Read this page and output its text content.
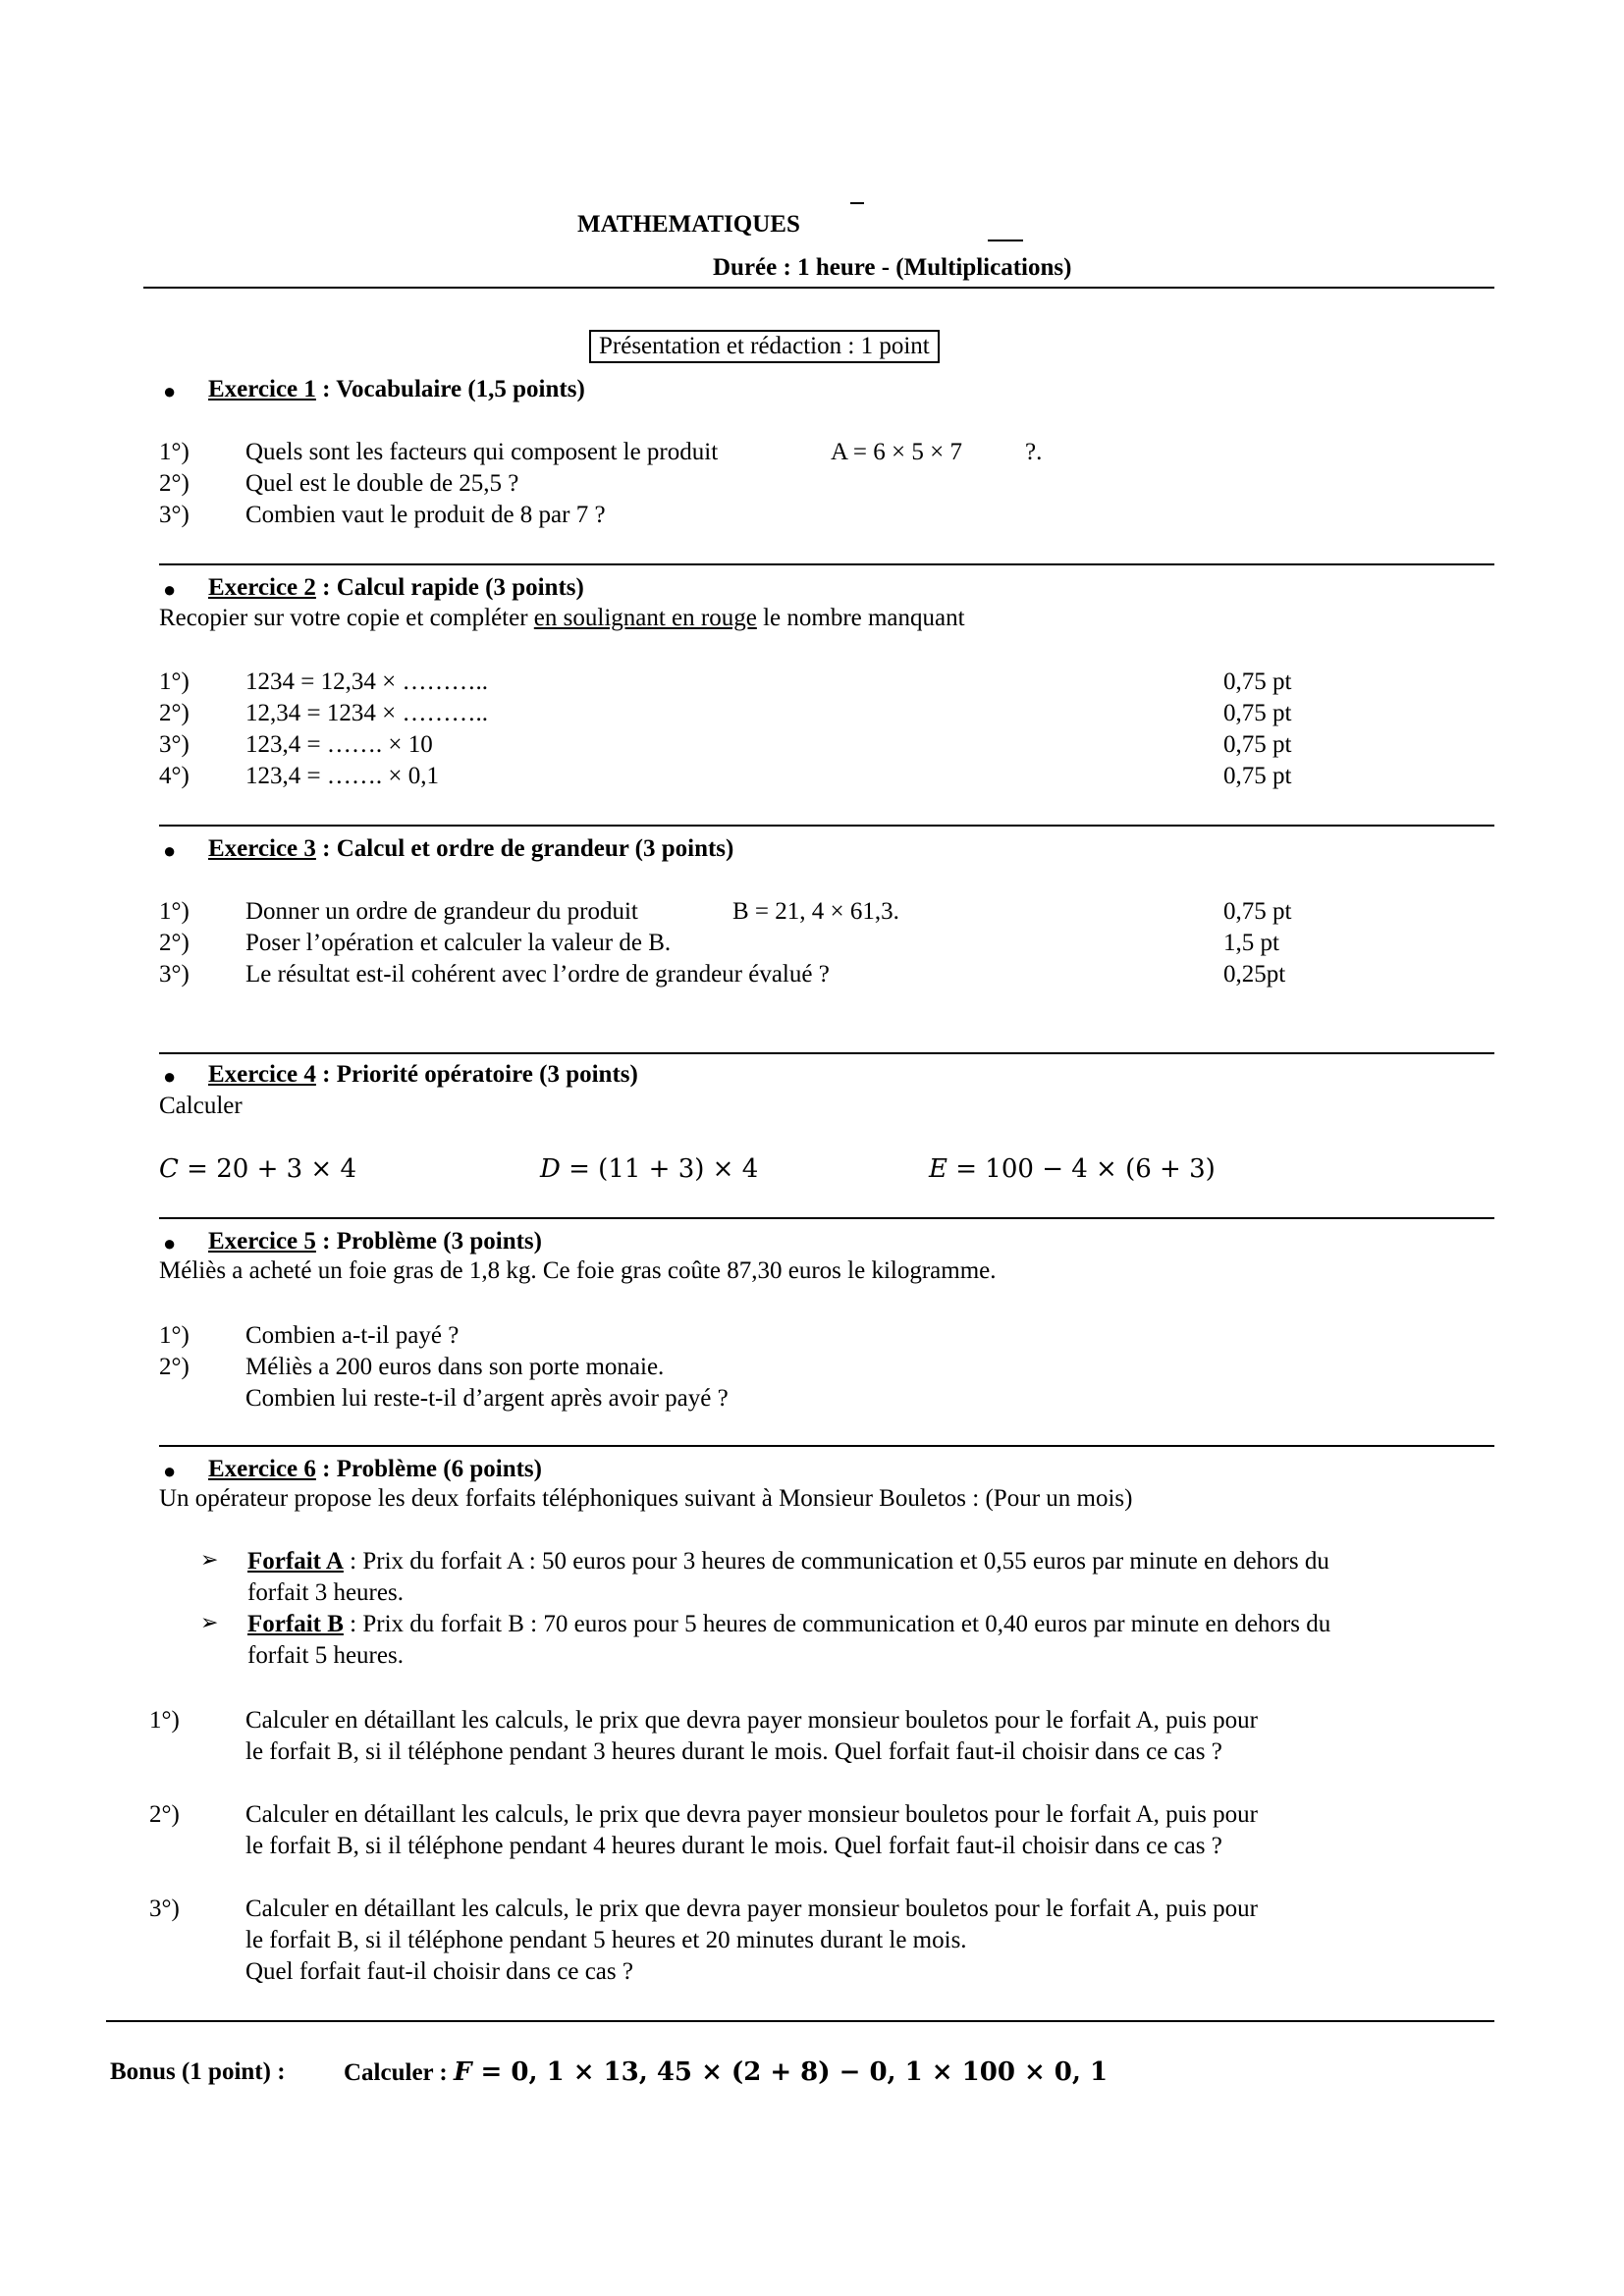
MATHEMATIQUES
Durée : 1 heure - (Multiplications)
Présentation et rédaction : 1 point
● Exercice 1 : Vocabulaire (1,5 points)
1°) Quels sont les facteurs qui composent le produit	A = 6 × 5 × 7	?.
2°) Quel est le double de 25,5 ?
3°) Combien vaut le produit de 8 par 7 ?
● Exercice 2 : Calcul rapide (3 points)
Recopier sur votre copie et compléter en soulignant en rouge le nombre manquant
1°) 1234 = 12,34 × ………..	0,75 pt
2°) 12,34 = 1234 × ………..	0,75 pt
3°) 123,4 = ……. × 10	0,75 pt
4°) 123,4 = ……. × 0,1	0,75 pt
● Exercice 3 : Calcul et ordre de grandeur (3 points)
1°) Donner un ordre de grandeur du produit	B = 21, 4 × 61,3.	0,75 pt
2°) Poser l’opération et calculer la valeur de B.	1,5 pt
3°) Le résultat est-il cohérent avec l’ordre de grandeur évalué ?	0,25pt
● Exercice 4 : Priorité opératoire (3 points)
Calculer
C = 20 + 3 × 4	D = (11 + 3) × 4	E = 100 − 4 × (6 + 3)
● Exercice 5 : Problème (3 points)
Méliès a acheté un foie gras de 1,8 kg. Ce foie gras coûte 87,30 euros le kilogramme.
1°) Combien a-t-il payé ?
2°) Méliès a 200 euros dans son porte monaie.
Combien lui reste-t-il d’argent après avoir payé ?
● Exercice 6 : Problème (6 points)
Un opérateur propose les deux forfaits téléphoniques suivant à Monsieur Bouletos : (Pour un mois)
➢ Forfait A : Prix du forfait A : 50 euros pour 3 heures de communication et 0,55 euros par minute en dehors du
forfait 3 heures.
➢ Forfait B : Prix du forfait B : 70 euros pour 5 heures de communication et 0,40 euros par minute en dehors du
forfait 5 heures.
1°)	Calculer en détaillant les calculs, le prix que devra payer monsieur bouletos pour le forfait A, puis pour
le forfait B, si il téléphone pendant 3 heures durant le mois. Quel forfait faut-il choisir dans ce cas ?
2°)	Calculer en détaillant les calculs, le prix que devra payer monsieur bouletos pour le forfait A, puis pour
le forfait B, si il téléphone pendant 4 heures durant le mois. Quel forfait faut-il choisir dans ce cas ?
3°)	Calculer en détaillant les calculs, le prix que devra payer monsieur bouletos pour le forfait A, puis pour
le forfait B, si il téléphone pendant 5 heures et 20 minutes durant le mois.
Quel forfait faut-il choisir dans ce cas ?
Bonus (1 point) : Calculer : F = 0, 1 × 13, 45 × (2 + 8) − 0, 1 × 100 × 0, 1
